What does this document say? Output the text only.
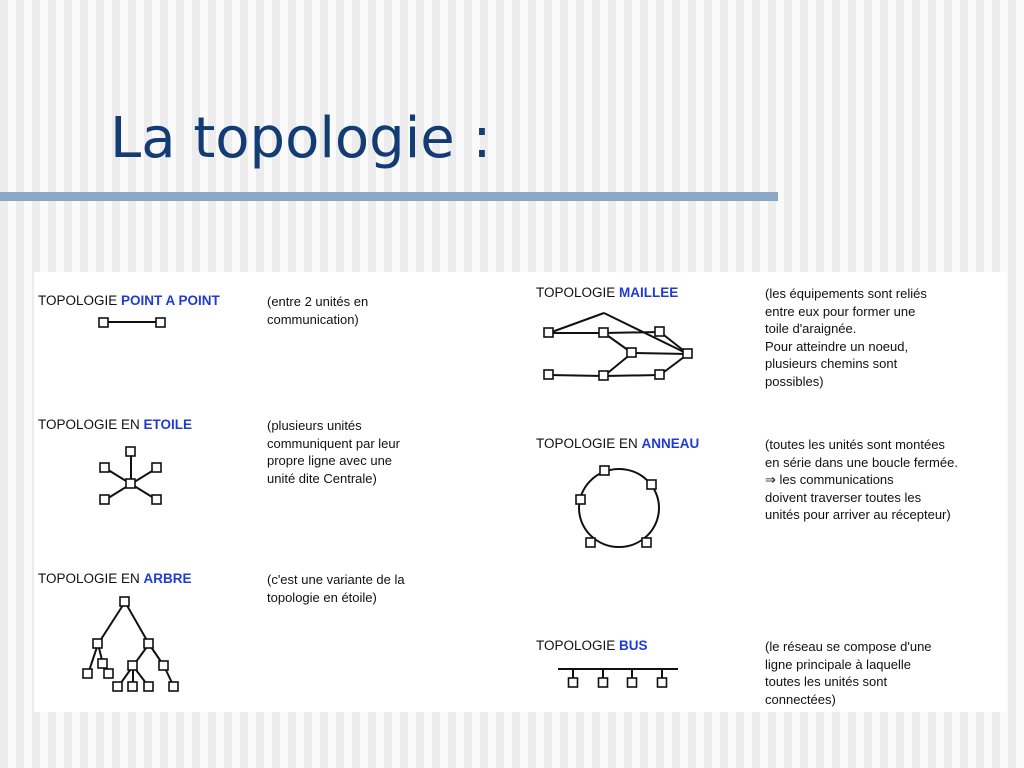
La topologie :
TOPOLOGIE POINT A POINT	(entre 2 unités en
communication)
TOPOLOGIE EN ETOILE	(plusieurs unités
communiquent par leur
propre ligne avec une
unité dite Centrale)
TOPOLOGIE EN ARBRE	(c'est une variante de la
topologie en étoile)
TOPOLOGIE MAILLEE	(les équipements sont reliés
entre eux pour former une
toile d'araignée.
Pour atteindre un noeud,
plusieurs chemins sont
possibles)
TOPOLOGIE EN ANNEAU	(toutes les unités sont montées
en série dans une boucle fermée.
⇒ les communications
doivent traverser toutes les
unités pour arriver au récepteur)
TOPOLOGIE BUS	(le réseau se compose d'une
ligne principale à laquelle
toutes les unités sont
connectées)
